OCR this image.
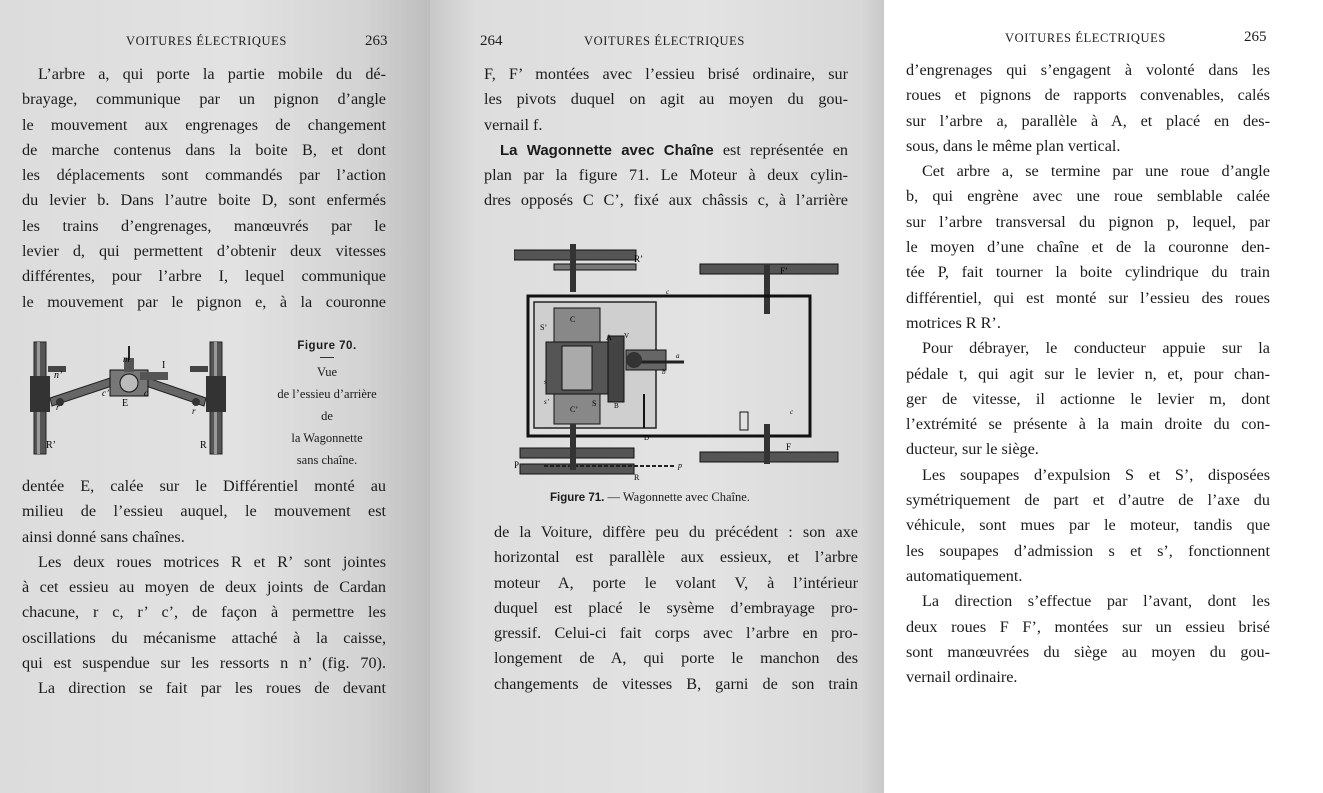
VOITURES ÉLECTRIQUES	263
L’arbre a, qui porte la partie mobile du dé-
brayage, communique par un pignon d’angle
le mouvement aux engrenages de changement
de marche contenus dans la boite B, et dont
les déplacements sont commandés par l’action
du levier b. Dans l’autre boite D, sont enfermés
les trains d’engrenages, manœuvrés par le
levier d, qui permettent d’obtenir deux vitesses
différentes, pour l’arbre I, lequel communique
le mouvement par le pignon e, à la couronne
n’
I
m
c’
E
c
r’	r
R’	R
Figure 70.
Vue
de l’essieu d’arrière
de
la Wagonnette
sans chaîne.
dentée E, calée sur le Différentiel monté au
milieu de l’essieu auquel, le mouvement est
ainsi donné sans chaînes.
Les deux roues motrices R et R’ sont jointes
à cet essieu au moyen de deux joints de Cardan
chacune, r c, r’ c’, de façon à permettre les
oscillations du mécanisme attaché à la caisse,
qui est suspendue sur les ressorts n n’ (fig. 70).
La direction se fait par les roues de devant
264	VOITURES ÉLECTRIQUES
F, F’ montées avec l’essieu brisé ordinaire, sur
les pivots duquel on agit au moyen du gou-
vernail f.
La Wagonnette avec Chaîne est représentée en
plan par la figure 71. Le Moteur à deux cylin-
dres opposés C C’, fixé aux châssis c, à l’arrière
R’
F’
C
C’
S’
S
s
s’
A
a
b
c
c
V
B
D
P	p
R
F
Figure 71. — Wagonnette avec Chaîne.
de la Voiture, diffère peu du précédent : son axe
horizontal est parallèle aux essieux, et l’arbre
moteur A, porte le volant V, à l’intérieur
duquel est placé le sysème d’embrayage pro-
gressif. Celui-ci fait corps avec l’arbre en pro-
longement de A, qui porte le manchon des
changements de vitesses B, garni de son train
VOITURES ÉLECTRIQUES	265
d’engrenages qui s’engagent à volonté dans les
roues et pignons de rapports convenables, calés
sur l’arbre a, parallèle à A, et placé en des-
sous, dans le même plan vertical.
Cet arbre a, se termine par une roue d’angle
b, qui engrène avec une roue semblable calée
sur l’arbre transversal du pignon p, lequel, par
le moyen d’une chaîne et de la couronne den-
tée P, fait tourner la boite cylindrique du train
différentiel, qui est monté sur l’essieu des roues
motrices R R’.
Pour débrayer, le conducteur appuie sur la
pédale t, qui agit sur le levier n, et, pour chan-
ger de vitesse, il actionne le levier m, dont
l’extrémité se présente à la main droite du con-
ducteur, sur le siège.
Les soupapes d’expulsion S et S’, disposées
symétriquement de part et d’autre de l’axe du
véhicule, sont mues par le moteur, tandis que
les soupapes d’admission s et s’, fonctionnent
automatiquement.
La direction s’effectue par l’avant, dont les
deux roues F F’, montées sur un essieu brisé
sont manœuvrées du siège au moyen du gou-
vernail ordinaire.
